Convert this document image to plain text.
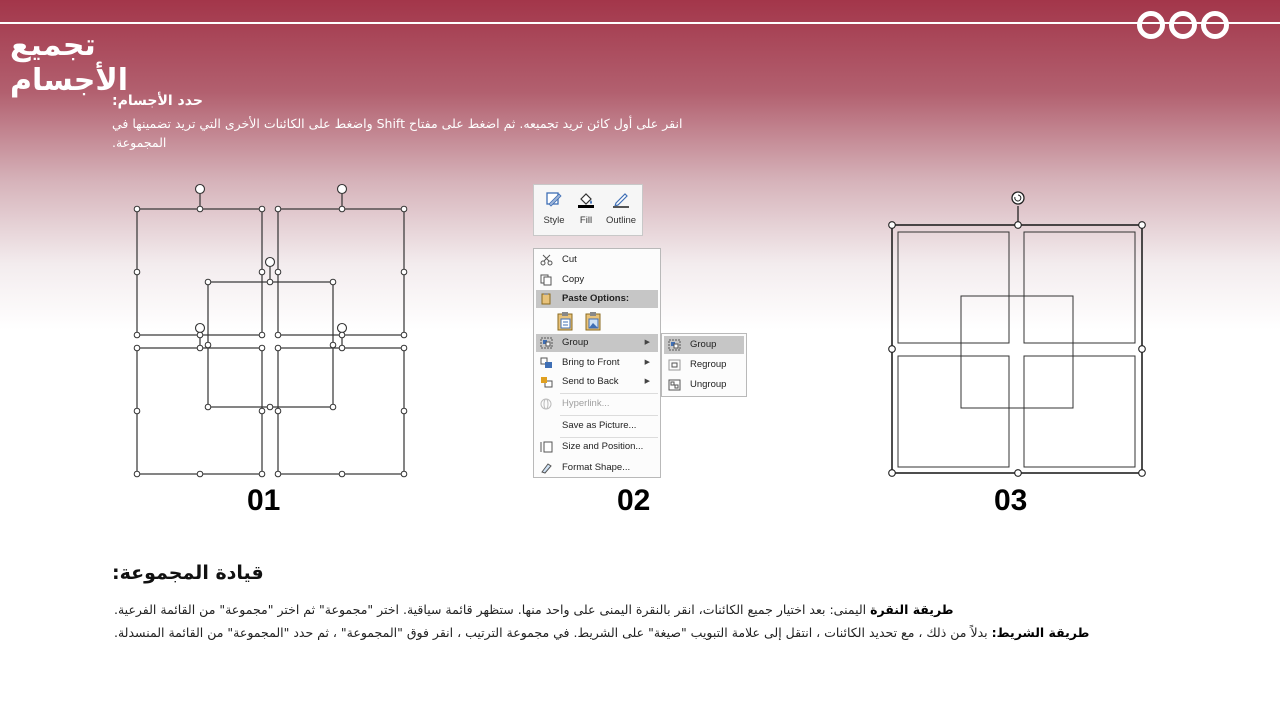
تجميع الأجسام
حدد الأجسام:
انقر على أول كائن تريد تجميعه. ثم اضغط على مفتاح Shift واضغط على الكائنات الأخرى التي تريد تضمينها في
المجموعة.
01
Style	Fill	Outline
Cut
Copy
Paste Options:
Group	▶
Bring to Front	▶
Send to Back	▶
Hyperlink...
Save as Picture...
Size and Position...
Format Shape...
Group
Regroup
Ungroup
02	03
قيادة المجموعة:
طريقة النقرة اليمنى: بعد اختيار جميع الكائنات، انقر بالنقرة اليمنى على واحد منها. ستظهر قائمة سياقية. اختر "مجموعة" ثم اختر "مجموعة" من القائمة الفرعية.
طريقة الشريط: بدلاً من ذلك ، مع تحديد الكائنات ، انتقل إلى علامة التبويب "صيغة" على الشريط. في مجموعة الترتيب ، انقر فوق "المجموعة" ، ثم حدد "المجموعة" من القائمة المنسدلة.
